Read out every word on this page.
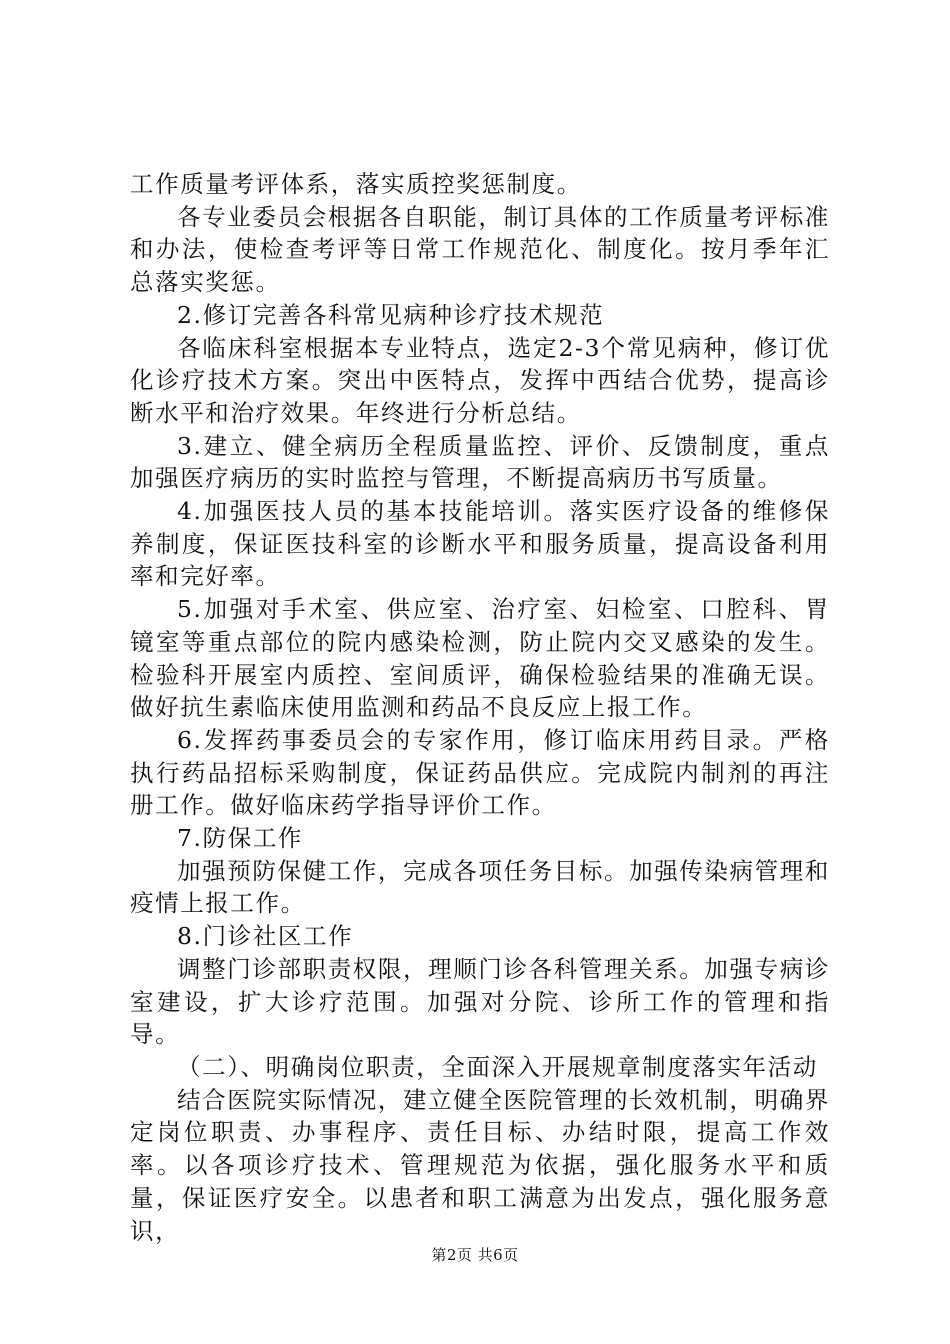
工作质量考评体系，落实质控奖惩制度。

各专业委员会根据各自职能，制订具体的工作质量考评标准和办法，使检查考评等日常工作规范化、制度化。按月季年汇总落实奖惩。

2.修订完善各科常见病种诊疗技术规范

各临床科室根据本专业特点，选定2-3个常见病种，修订优化诊疗技术方案。突出中医特点，发挥中西结合优势，提高诊断水平和治疗效果。年终进行分析总结。

3.建立、健全病历全程质量监控、评价、反馈制度，重点加强医疗病历的实时监控与管理，不断提高病历书写质量。

4.加强医技人员的基本技能培训。落实医疗设备的维修保养制度，保证医技科室的诊断水平和服务质量，提高设备利用率和完好率。

5.加强对手术室、供应室、治疗室、妇检室、口腔科、胃镜室等重点部位的院内感染检测，防止院内交叉感染的发生。检验科开展室内质控、室间质评，确保检验结果的准确无误。做好抗生素临床使用监测和药品不良反应上报工作。

6.发挥药事委员会的专家作用，修订临床用药目录。严格执行药品招标采购制度，保证药品供应。完成院内制剂的再注册工作。做好临床药学指导评价工作。

7.防保工作

加强预防保健工作，完成各项任务目标。加强传染病管理和疫情上报工作。

8.门诊社区工作

调整门诊部职责权限，理顺门诊各科管理关系。加强专病诊室建设，扩大诊疗范围。加强对分院、诊所工作的管理和指导。

（二）、明确岗位职责，全面深入开展规章制度落实年活动

结合医院实际情况，建立健全医院管理的长效机制，明确界定岗位职责、办事程序、责任目标、办结时限，提高工作效率。以各项诊疗技术、管理规范为依据，强化服务水平和质量，保证医疗安全。以患者和职工满意为出发点，强化服务意识，

第2页 共6页
